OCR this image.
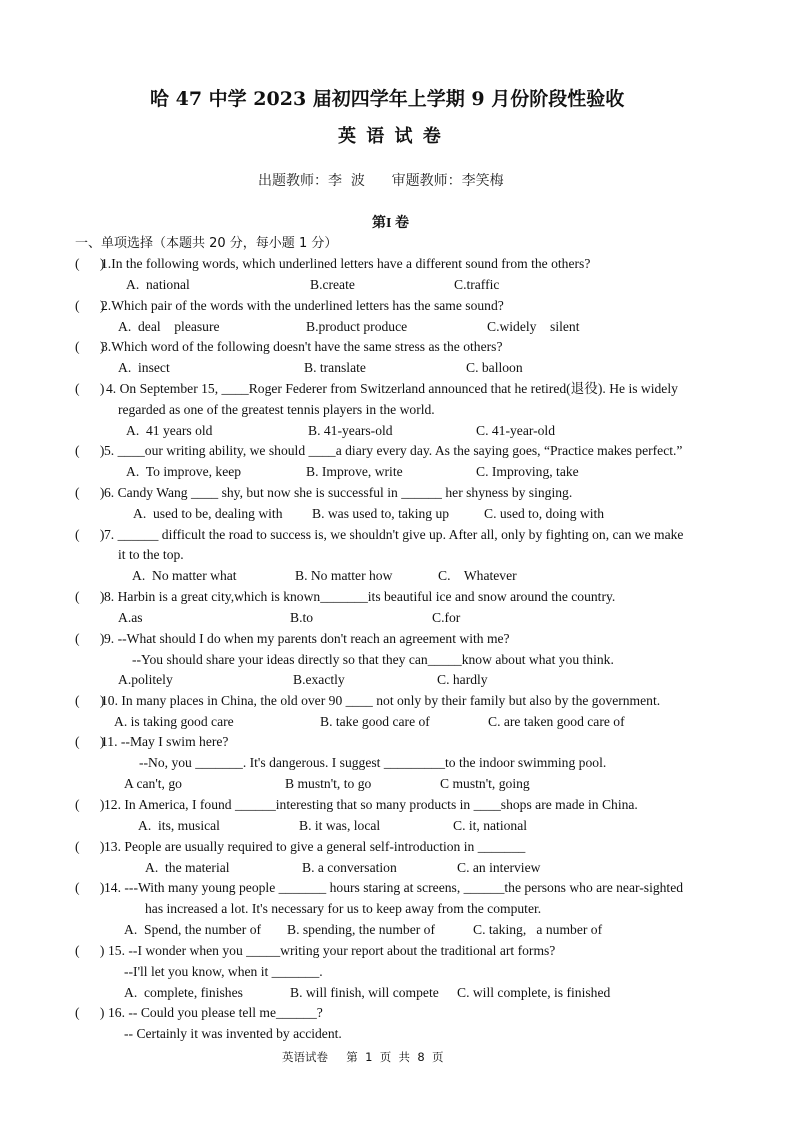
哈 47 中学 2023 届初四学年上学期 9 月份阶段性验收
英 语 试 卷
出题教师：李  波      审题教师：李笑梅
第I 卷
一、单项选择（本题共 20 分，每小题 1 分）
(      )
1.In the following words, which underlined letters have a different sound from the others?
A.  national	B.create	C.traffic
(      )
2.Which pair of the words with the underlined letters has the same sound?
A.  deal    pleasure	B.product produce	C.widely    silent
(      )
3.Which word of the following doesn't have the same stress as the others?
A.  insect	B. translate	C. balloon
(      ) 4. On September 15, ____Roger Federer from Switzerland announced that he retired(退役). He is widely
regarded as one of the greatest tennis players in the world.
A.  41 years old	B. 41-years-old	C. 41-year-old
(      ) 5. ____our writing ability, we should ____a diary every day. As the saying goes, “Practice makes perfect.”
A.  To improve, keep	B. Improve, write	C. Improving, take
(      ) 6. Candy Wang ____ shy, but now she is successful in ______ her shyness by singing.
A.  used to be, dealing with B. was used to, taking up	C. used to, doing with
(      ) 7. ______ difficult the road to success is, we shouldn't give up. After all, only by fighting on, can we make
it to the top.
A.  No matter what	B. No matter how	C.    Whatever
(      ) 8. Harbin is a great city,which is known_______its beautiful ice and snow around the country.
A.as	B.to	C.for
(      ) 9. --What should I do when my parents don't reach an agreement with me?
--You should share your ideas directly so that they can_____know about what you think.
A.politely	B.exactly	C. hardly
(      )
10. In many places in China, the old over 90 ____ not only by their family but also by the government.
A. is taking good care	B. take good care of	C. are taken good care of
(      )
11. --May I swim here?
--No, you _______. It's dangerous. I suggest _________to the indoor swimming pool.
A can't, go	B mustn't, to go	C mustn't, going
(      ) 12. In America, I found ______interesting that so many products in ____shops are made in China.
A.  its, musical	B. it was, local	C. it, national
(      ) 13. People are usually required to give a general self-introduction in _______
A.  the material	B. a conversation	C. an interview
(      ) 14. ---With many young people _______ hours staring at screens, ______the persons who are near-sighted
has increased a lot. It's necessary for us to keep away from the computer.
A.  Spend, the number of B. spending, the number of	C. taking,   a number of
(      ) 15. --I wonder when you _____writing your report about the traditional art forms?
--I'll let you know, when it _______.
A.  complete, finishes	B. will finish, will compete C. will complete, is finished
(      ) 16. -- Could you please tell me______?
-- Certainly it was invented by accident.
英语试卷     第  1  页  共  8  页
